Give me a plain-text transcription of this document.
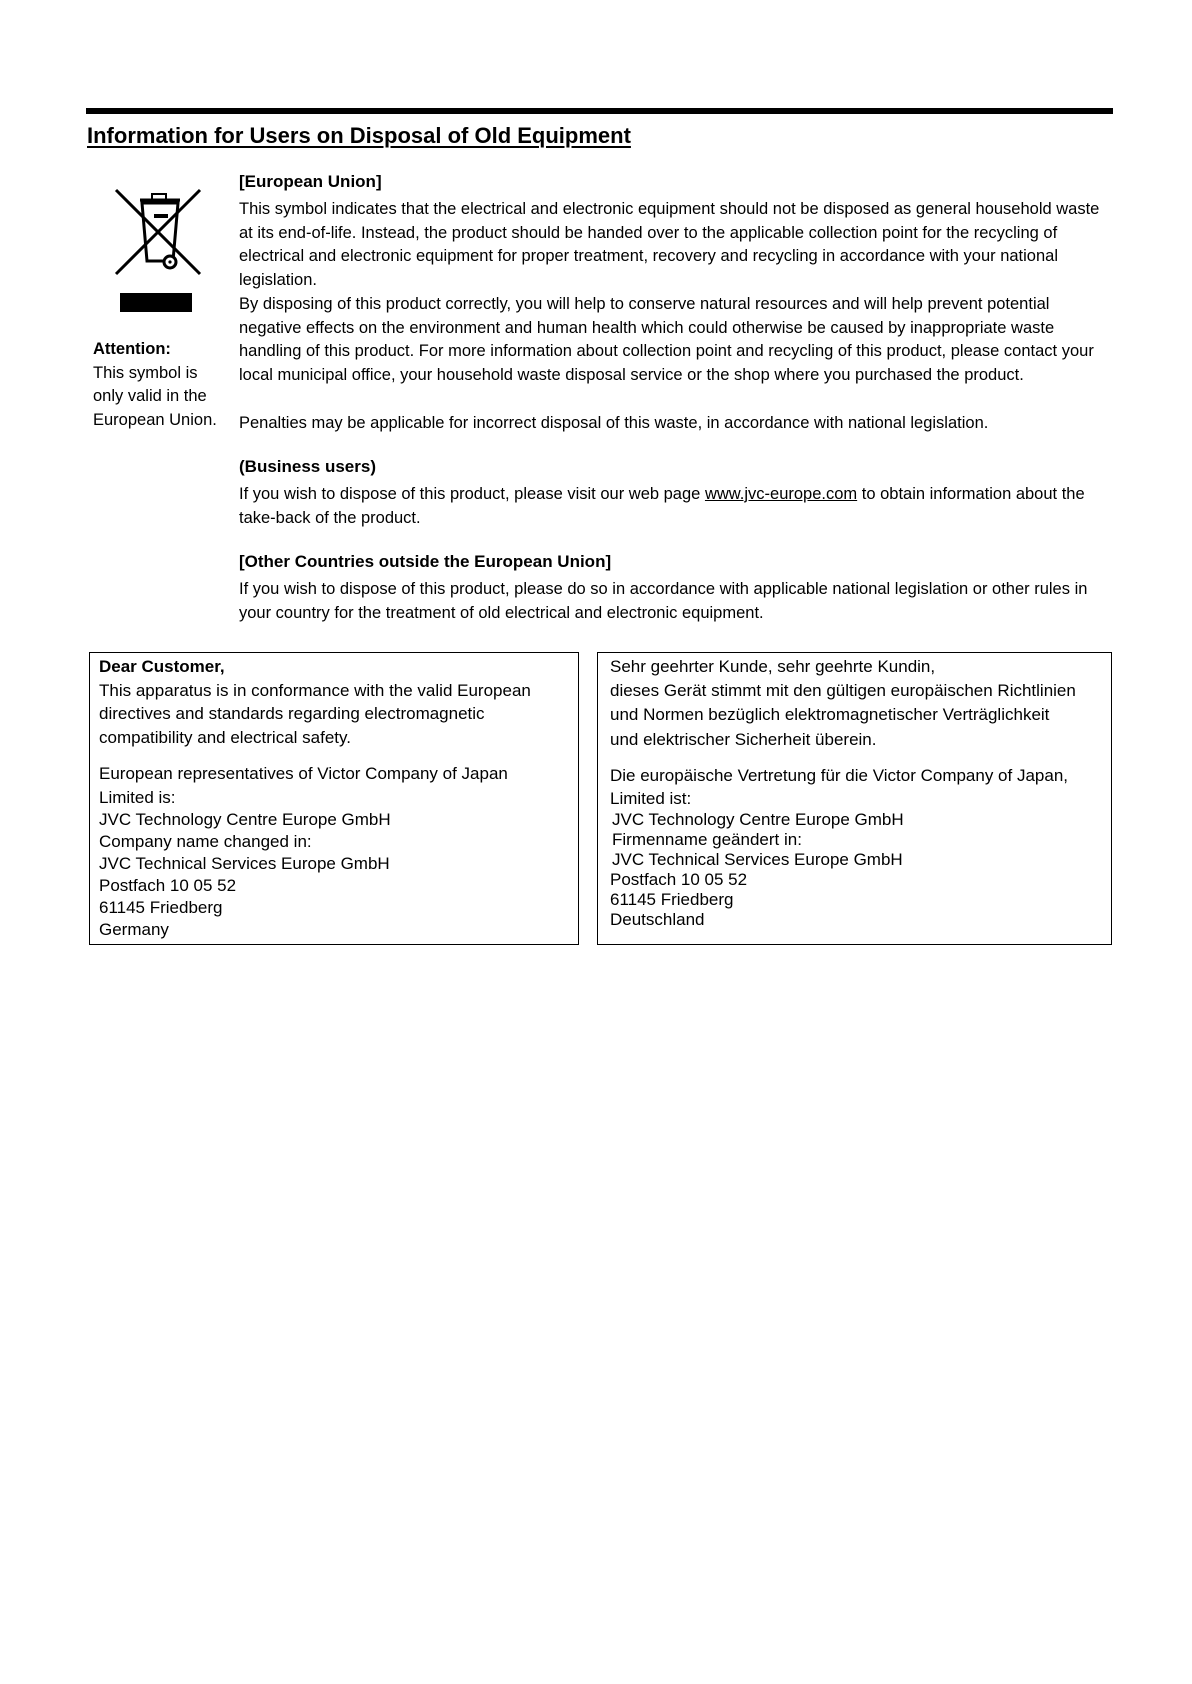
Information for Users on Disposal of Old Equipment
Attention:
This symbol is only valid in the European Union.
[European Union]

This symbol indicates that the electrical and electronic equipment should not be disposed as general household waste at its end-of-life. Instead, the product should be handed over to the applicable collection point for the recycling of electrical and electronic equipment for proper treatment, recovery and recycling in accordance with your national legislation.

By disposing of this product correctly, you will help to conserve natural resources and will help prevent potential negative effects on the environment and human health which could otherwise be caused by inappropriate waste handling of this product. For more information about collection point and recycling of this product, please contact your local municipal office, your household waste disposal service or the shop where you purchased the product.

Penalties may be applicable for incorrect disposal of this waste, in accordance with national legislation.

(Business users)

If you wish to dispose of this product, please visit our web page www.jvc-europe.com to obtain information about the take-back of the product.

[Other Countries outside the European Union]

If you wish to dispose of this product, please do so in accordance with applicable national legislation or other rules in your country for the treatment of old electrical and electronic equipment.

Dear Customer,

This apparatus is in conformance with the valid European directives and standards regarding electromagnetic compatibility and electrical safety.

European representatives of Victor Company of Japan

Limited is:

JVC Technology Centre Europe GmbH

Company name changed in:

JVC Technical Services Europe GmbH

Postfach 10 05 52

61145 Friedberg

Germany

Sehr geehrter Kunde, sehr geehrte Kundin,

dieses Gerät stimmt mit den gültigen europäischen Richtlinien

und Normen bezüglich elektromagnetischer Verträglichkeit

und elektrischer Sicherheit überein.

Die europäische Vertretung für die Victor Company of Japan,

Limited ist:

JVC Technology Centre Europe GmbH

Firmenname geändert in:

JVC Technical Services Europe GmbH

Postfach 10 05 52

61145 Friedberg

Deutschland
